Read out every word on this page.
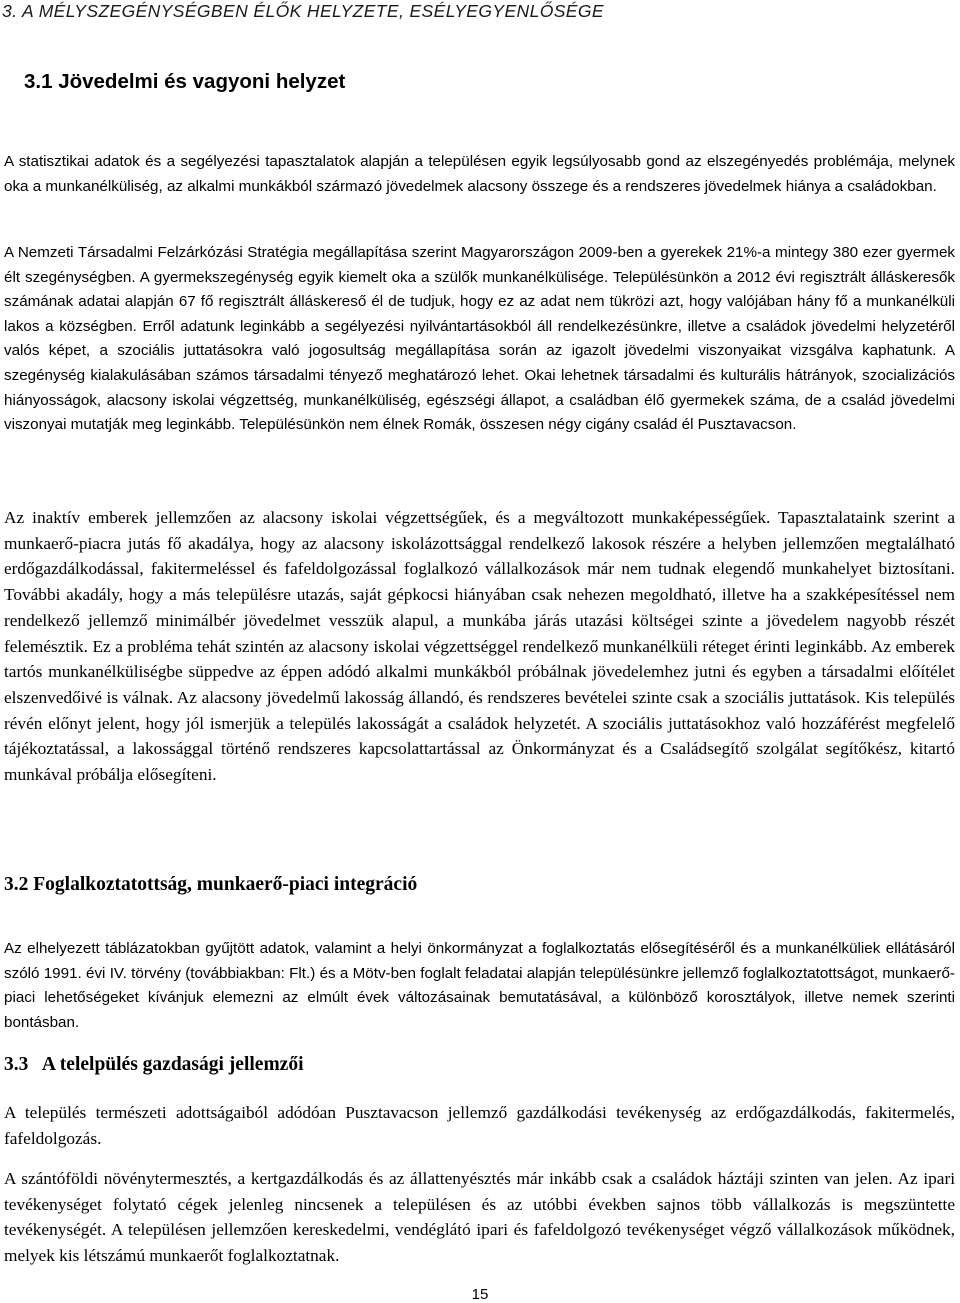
3. A MÉLYSZEGÉNYSÉGBEN ÉLŐK HELYZETE, ESÉLYEGYENLŐSÉGE

3.1 Jövedelmi és vagyoni helyzet

A statisztikai adatok és a segélyezési tapasztalatok alapján a településen egyik legsúlyosabb gond az elszegényedés problémája, melynek oka a munkanélküliség, az alkalmi munkákból származó jövedelmek alacsony összege és a rendszeres jövedelmek hiánya a családokban.

A Nemzeti Társadalmi Felzárkózási Stratégia megállapítása szerint Magyarországon 2009-ben a gyerekek 21%-a mintegy 380 ezer gyermek élt szegénységben. A gyermekszegénység egyik kiemelt oka a szülők munkanélkülisége. Településünkön a 2012 évi regisztrált álláskeresők számának adatai alapján 67 fő regisztrált álláskereső él de tudjuk, hogy ez az adat nem tükrözi azt, hogy valójában hány fő a munkanélküli lakos a községben. Erről adatunk leginkább a segélyezési nyilvántartásokból áll rendelkezésünkre, illetve a családok jövedelmi helyzetéről valós képet, a szociális juttatásokra való jogosultság megállapítása során az igazolt jövedelmi viszonyaikat vizsgálva kaphatunk. A szegénység kialakulásában számos társadalmi tényező meghatározó lehet. Okai lehetnek társadalmi és kulturális hátrányok, szocializációs hiányosságok, alacsony iskolai végzettség, munkanélküliség, egészségi állapot, a családban élő gyermekek száma, de a család jövedelmi viszonyai mutatják meg leginkább. Településünkön nem élnek Romák, összesen négy cigány család él Pusztavacson.

Az inaktív emberek jellemzően az alacsony iskolai végzettségűek, és a megváltozott munkaképességűek. Tapasztalataink szerint a munkaerő-piacra jutás fő akadálya, hogy az alacsony iskolázottsággal rendelkező lakosok részére a helyben jellemzően megtalálható erdőgazdálkodással, fakitermeléssel és fafeldolgozással foglalkozó vállalkozások már nem tudnak elegendő munkahelyet biztosítani. További akadály, hogy a más településre utazás, saját gépkocsi hiányában csak nehezen megoldható, illetve ha a szakképesítéssel nem rendelkező jellemző minimálbér jövedelmet vesszük alapul, a munkába járás utazási költségei szinte a jövedelem nagyobb részét felemésztik. Ez a probléma tehát szintén az alacsony iskolai végzettséggel rendelkező munkanélküli réteget érinti leginkább. Az emberek tartós munkanélküliségbe süppedve az éppen adódó alkalmi munkákból próbálnak jövedelemhez jutni és egyben a társadalmi előítélet elszenvedőivé is válnak. Az alacsony jövedelmű lakosság állandó, és rendszeres bevételei szinte csak a szociális juttatások. Kis település révén előnyt jelent, hogy jól ismerjük a település lakosságát a családok helyzetét. A szociális juttatásokhoz való hozzáférést megfelelő tájékoztatással, a lakossággal történő rendszeres kapcsolattartással az Önkormányzat és a Családsegítő szolgálat segítőkész, kitartó munkával próbálja elősegíteni.

3.2 Foglalkoztatottság, munkaerő-piaci integráció

Az elhelyezett táblázatokban gyűjtött adatok, valamint a helyi önkormányzat a foglalkoztatás elősegítéséről és a munkanélküliek ellátásáról szóló 1991. évi IV. törvény (továbbiakban: Flt.) és a Mötv-ben foglalt feladatai alapján településünkre jellemző foglalkoztatottságot, munkaerő-piaci lehetőségeket kívánjuk elemezni az elmúlt évek változásainak bemutatásával, a különböző korosztályok, illetve nemek szerinti bontásban.

3.3   A telelpülés gazdasági jellemzői

A település természeti adottságaiból adódóan Pusztavacson jellemző gazdálkodási tevékenység az erdőgazdálkodás, fakitermelés, fafeldolgozás.

A szántóföldi növénytermesztés, a kertgazdálkodás és az állattenyésztés már inkább csak a családok háztáji szinten van jelen. Az ipari tevékenységet folytató cégek jelenleg nincsenek a településen és az utóbbi években sajnos több vállalkozás is megszüntette tevékenységét. A településen jellemzően kereskedelmi, vendéglátó ipari és fafeldolgozó tevékenységet végző vállalkozások működnek, melyek kis létszámú munkaerőt foglalkoztatnak.

15
